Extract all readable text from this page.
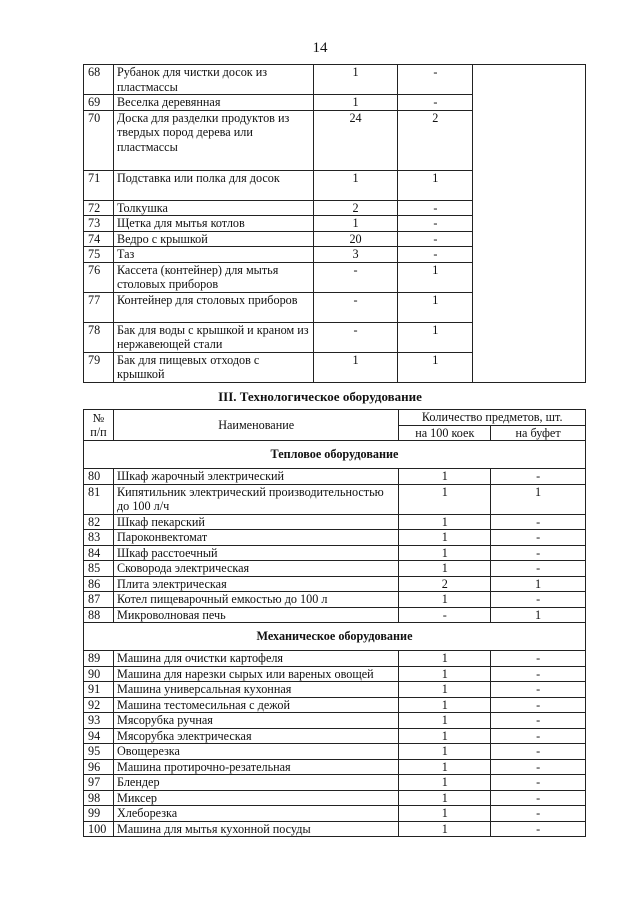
14
68	Рубанок для чистки досок из пластмассы	1	-	
69	Веселка деревянная	1	-	
70	Доска для разделки продуктов из твердых пород дерева или пластмассы	24	2	
71	Подставка или полка для досок	1	1	
72	Толкушка	2	-	
73	Щетка для мытья котлов	1	-	
74	Ведро с крышкой	20	-	
75	Таз	3	-	
76	Кассета (контейнер) для мытья столовых приборов	-	1	
77	Контейнер для столовых приборов	-	1	
78	Бак для воды с крышкой и краном из нержавеющей стали	-	1	
79	Бак для пищевых отходов с крышкой	1	1	
III. Технологическое оборудование
№ п/п	Наименование	Количество предметов, шт.	
		на 100 коек	на буфет
Тепловое оборудование			
80	Шкаф жарочный электрический	1	-
81	Кипятильник электрический производительностью до 100 л/ч	1	1
82	Шкаф пекарский	1	-
83	Пароконвектомат	1	-
84	Шкаф расстоечный	1	-
85	Сковорода электрическая	1	-
86	Плита электрическая	2	1
87	Котел пищеварочный емкостью до 100 л	1	-
88	Микроволновая печь	-	1
Механическое оборудование			
89	Машина для очистки картофеля	1	-
90	Машина для нарезки сырых или вареных овощей	1	-
91	Машина универсальная кухонная	1	-
92	Машина тестомесильная с дежой	1	-
93	Мясорубка ручная	1	-
94	Мясорубка электрическая	1	-
95	Овощерезка	1	-
96	Машина протирочно-резательная	1	-
97	Блендер	1	-
98	Миксер	1	-
99	Хлеборезка	1	-
100	Машина для мытья кухонной посуды	1	-
